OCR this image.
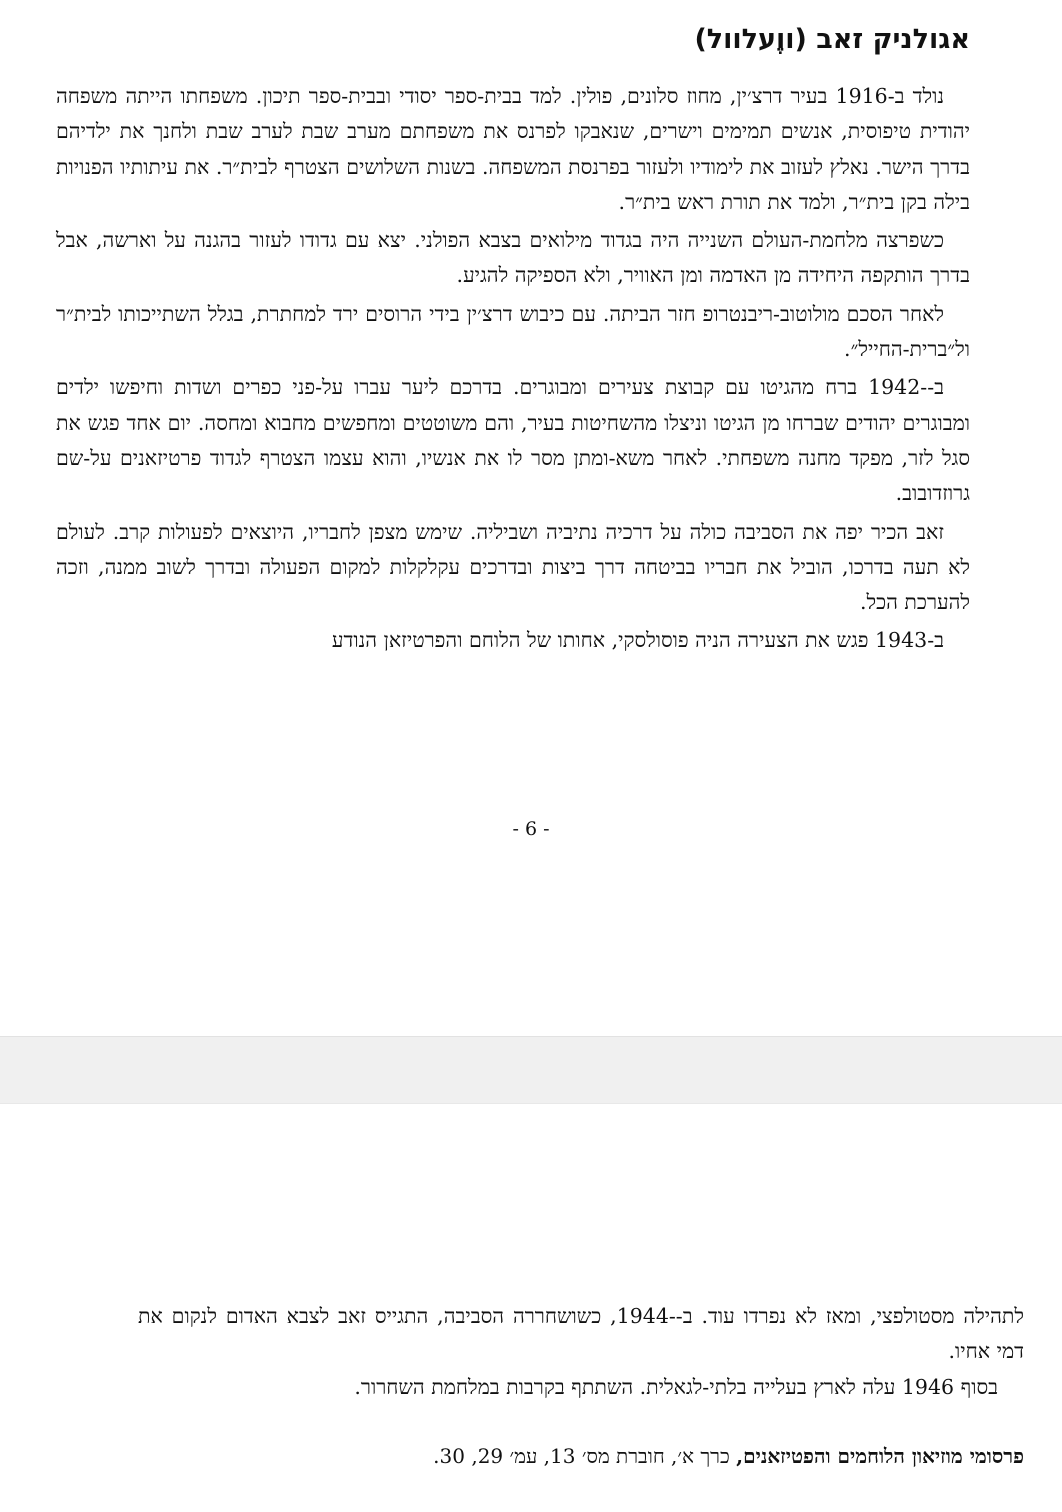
אגולניק זאב (ווֶעלוול)

נולד ב-1916 בעיר דרצ׳ין, מחוז סלונים, פולין. למד בבית-ספר יסודי ובבית-ספר תיכון. משפחתו הייתה משפחה יהודית טיפוסית, אנשים תמימים וישרים, שנאבקו לפרנס את משפחתם מערב שבת לערב שבת ולחנך את ילדיהם בדרך הישר. נאלץ לעזוב את לימודיו ולעזור בפרנסת המשפחה. בשנות השלושים הצטרף לבית״ר. את עיתותיו הפנויות בילה בקן בית״ר, ולמד את תורת ראש בית״ר.

כשפרצה מלחמת-העולם השנייה היה בגדוד מילואים בצבא הפולני. יצא עם גדודו לעזור בהגנה על וארשה, אבל בדרך הותקפה היחידה מן האדמה ומן האוויר, ולא הספיקה להגיע.

לאחר הסכם מולוטוב-ריבנטרופ חזר הביתה. עם כיבוש דרצ׳ין בידי הרוסים ירד למחתרת, בגלל השתייכותו לבית״ר ול״ברית-החייל״.

ב--1942 ברח מהגיטו עם קבוצת צעירים ומבוגרים. בדרכם ליער עברו על-פני כפרים ושדות וחיפשו ילדים ומבוגרים יהודים שברחו מן הגיטו וניצלו מהשחיטות בעיר, והם משוטטים ומחפשים מחבוא ומחסה. יום אחד פגש את סגל לזר, מפקד מחנה משפחתי. לאחר משא-ומתן מסר לו את אנשיו, והוא עצמו הצטרף לגדוד פרטיזאנים על-שם גרוזדובוב.

זאב הכיר יפה את הסביבה כולה על דרכיה נתיביה ושביליה. שימש מצפן לחבריו, היוצאים לפעולות קרב. לעולם לא תעה בדרכו, הוביל את חבריו בביטחה דרך ביצות ובדרכים עקלקלות למקום הפעולה ובדרך לשוב ממנה, וזכה להערכת הכל.

ב-1943 פגש את הצעירה הניה פוסולסקי, אחותו של הלוחם והפרטיזאן הנודע

- 6 -

לתהילה מסטולפצי, ומאז לא נפרדו עוד. ב--1944, כשושחררה הסביבה, התגייס זאב לצבא האדום לנקום את דמי אחיו.

בסוף 1946 עלה לארץ בעלייה בלתי-לגאלית. השתתף בקרבות במלחמת השחרור.

פרסומי מוזיאון הלוחמים והפטיזאנים, כרך א׳, חוברת מס׳ 13, עמ׳ 29, 30.
